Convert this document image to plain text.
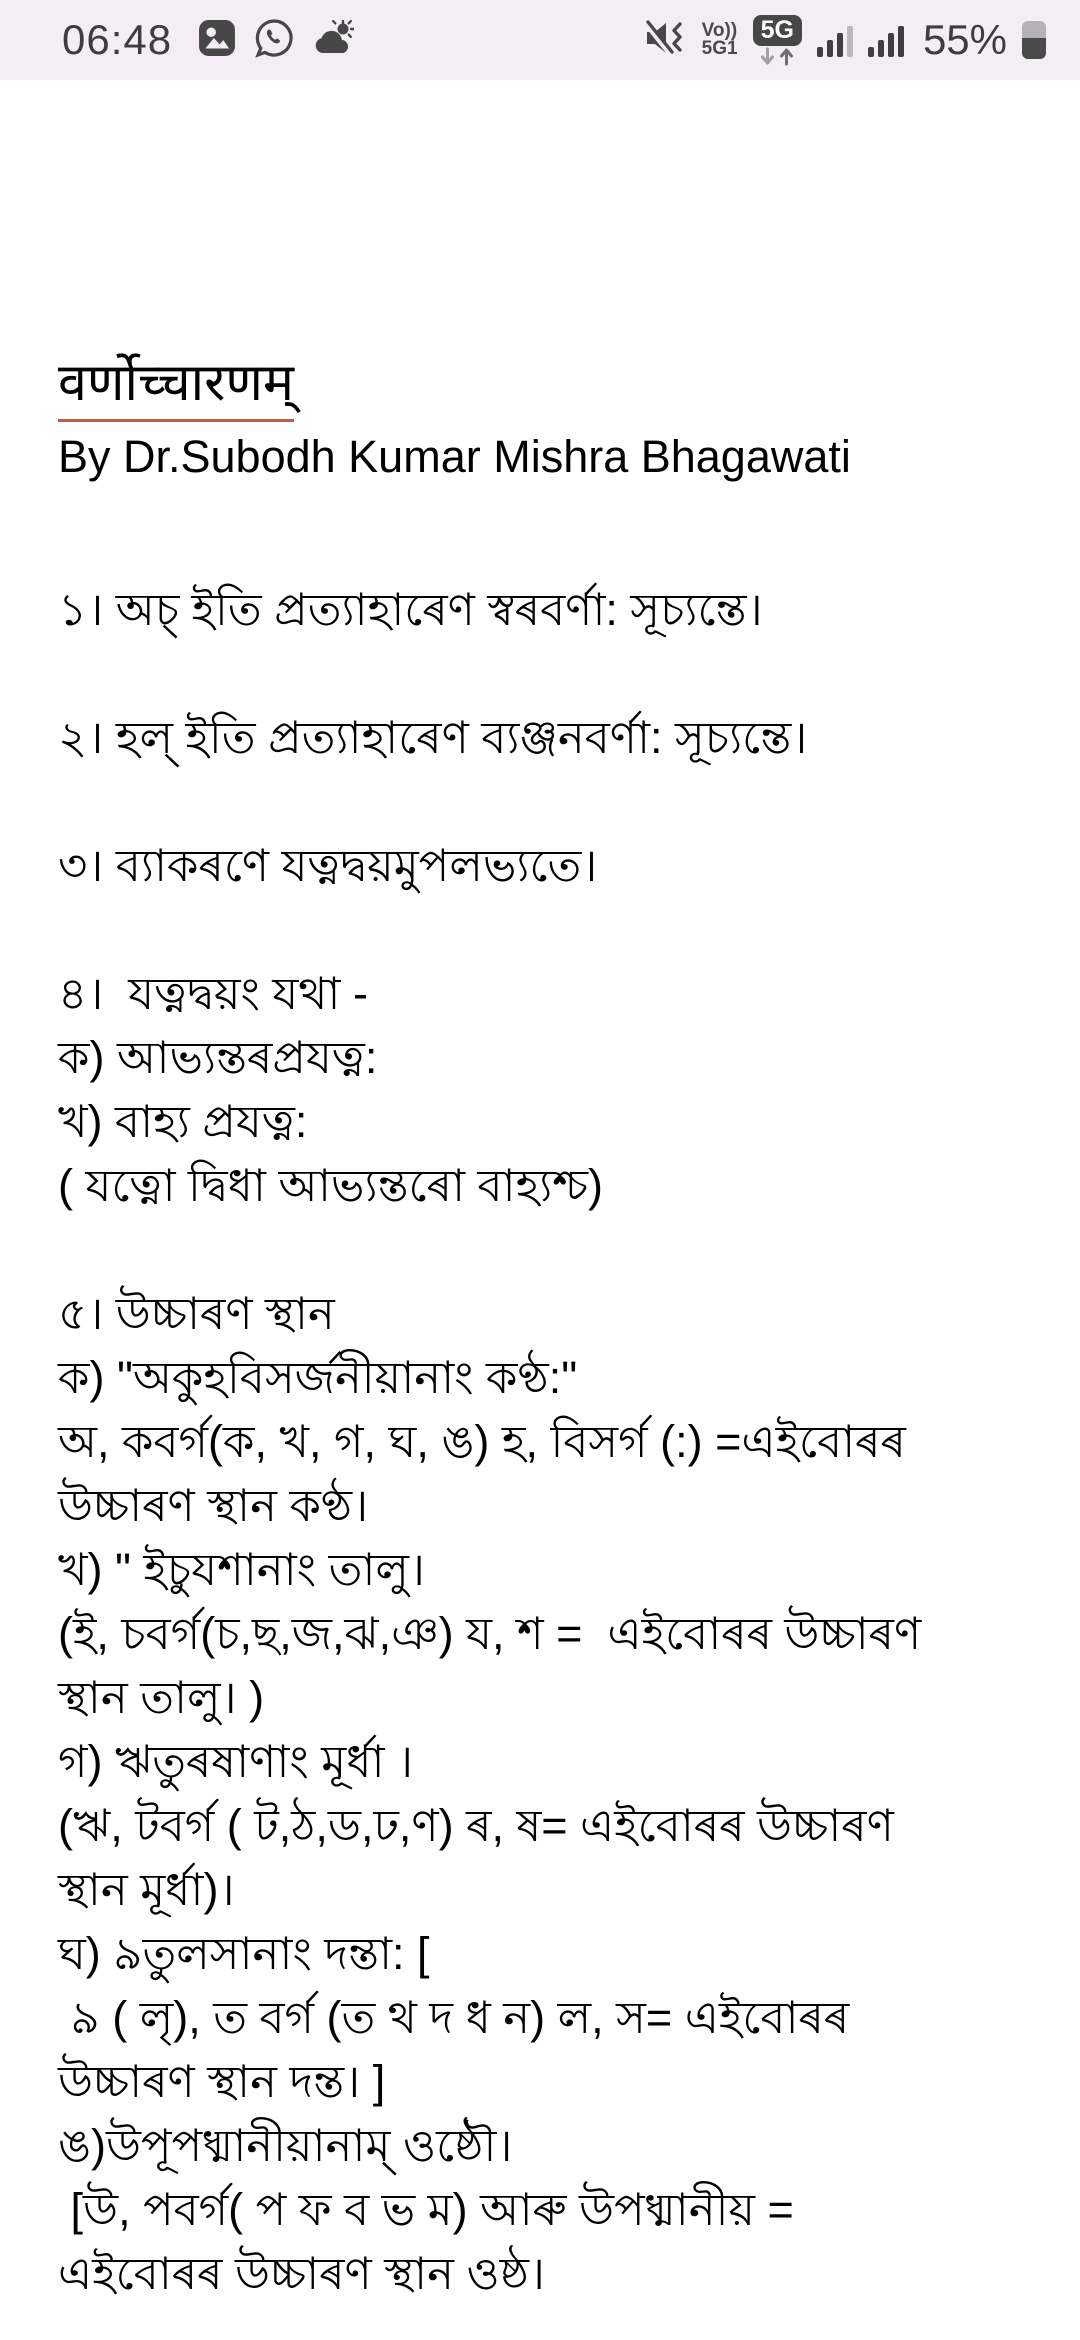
06:48	Vo))
5G1
5G	55%
वर्णोच्चारणम्
By Dr.Subodh Kumar Mishra Bhagawati

১। অচ্ ইতি প্রত্যাহাৰেণ স্বৰবর্ণা: সূচ্যন্তে।

২। হল্ ইতি প্রত্যাহাৰেণ ব্যঞ্জনবর্ণা: সূচ্যন্তে।

৩। ব্যাকৰণে যত্নদ্বয়মুপলভ্যতে।

৪।  যত্নদ্বয়ং যথা -

ক) আভ্যন্তৰপ্রযত্ন:

খ) বাহ্য প্রযত্ন:

( যত্নো দ্বিধা আভ্যন্তৰো বাহ্যশ্চ)

৫। উচ্চাৰণ স্থান

ক) "অকুহবিসর্জনীয়ানাং কণ্ঠ:"

অ, কবর্গ(ক, খ, গ, ঘ, ঙ) হ, বিসর্গ (:) =এইবোৰৰ

উচ্চাৰণ স্থান কণ্ঠ।

খ) " ইচুযশানাং তালু।

(ই, চবর্গ(চ,ছ,জ,ঝ,ঞ) য, শ =  এইবোৰৰ উচ্চাৰণ

স্থান তালু। )

গ) ঋতুৰষাণাং মূর্ধা ।

(ঋ, টবর্গ ( ট,ঠ,ড,ঢ,ণ) ৰ, ষ= এইবোৰৰ উচ্চাৰণ

স্থান মূর্ধা)।

ঘ) ৯তুলসানাং দন্তা: [

৯ ( লৃ), ত বর্গ (ত থ দ ধ ন) ল, স= এইবোৰৰ

উচ্চাৰণ স্থান দন্ত। ]

ঙ)উপূপধ্মানীয়ানাম্ ওষ্ঠৌ।

[উ, পবর্গ( প ফ ব ভ ম) আৰু উপধ্মানীয় =

এইবোৰৰ উচ্চাৰণ স্থান ওষ্ঠ।
